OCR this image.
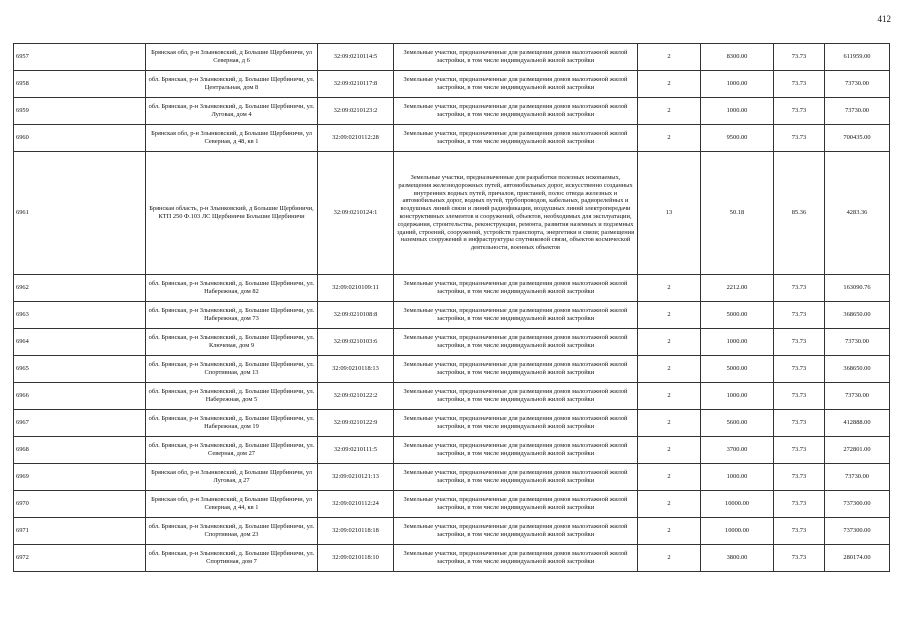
412
6957	Брянская обл, р-н Злынковский, д Большие Щербиничи, ул Северная, д 6	32:09:0210114:5	Земельные участки, предназначенные для размещения домов малоэтажной жилой застройки, в том числе индивидуальной жилой застройки	2	8300.00	73.73	611959.00
6958	обл. Брянская, р-н Злынковский, д. Большие Щербиничи, ул. Центральная, дом 8	32:09:0210117:8	Земельные участки, предназначенные для размещения домов малоэтажной жилой застройки, в том числе индивидуальной жилой застройки	2	1000.00	73.73	73730.00
6959	обл. Брянская, р-н Злынковский, д. Большие Щербиничи, ул. Луговая, дом 4	32:09:0210123:2	Земельные участки, предназначенные для размещения домов малоэтажной жилой застройки, в том числе индивидуальной жилой застройки	2	1000.00	73.73	73730.00
6960	Брянская обл, р-н Злынковский, д Большие Щербиничи, ул Северная, д 48, кв 1	32:09:0210112:28	Земельные участки, предназначенные для размещения домов малоэтажной жилой застройки, в том числе индивидуальной жилой застройки	2	9500.00	73.73	700435.00
6961	Брянская область, р-н Злынковский, д Большие Щербиничи, КТП 250 Ф.103 ЛС Щербиничи Большие Щербиничи	32:09:0210124:1	Земельные участки, предназначенные для разработки полезных ископаемых, размещения железнодорожных путей, автомобильных дорог, искусственно созданных внутренних водных путей, причалов, пристаней, полос отвода железных и автомобильных дорог, водных путей, трубопроводов, кабельных, радиорелейных и воздушных линий связи и линий радиофикации, воздушных линий электропередачи конструктивных элементов и сооружений, объектов, необходимых для эксплуатации, содержания, строительства, реконструкции, ремонта, развития наземных и подземных зданий, строений, сооружений, устройств транспорта, энергетики и связи; размещения наземных сооружений и инфраструктуры спутниковой связи, объектов космической деятельности, военных объектов	13	50.18	85.36	4283.36
6962	обл. Брянская, р-н Злынковский, д. Большие Щербиничи, ул. Набережная, дом 82	32:09:0210109:11	Земельные участки, предназначенные для размещения домов малоэтажной жилой застройки, в том числе индивидуальной жилой застройки	2	2212.00	73.73	163090.76
6963	обл. Брянская, р-н Злынковский, д. Большие Щербиничи, ул. Набережная, дом 73	32:09:0210108:8	Земельные участки, предназначенные для размещения домов малоэтажной жилой застройки, в том числе индивидуальной жилой застройки	2	5000.00	73.73	368650.00
6964	обл. Брянская, р-н Злынковский, д. Большие Щербиничи, ул. Ключевая, дом 9	32:09:0210103:6	Земельные участки, предназначенные для размещения домов малоэтажной жилой застройки, в том числе индивидуальной жилой застройки	2	1000.00	73.73	73730.00
6965	обл. Брянская, р-н Злынковский, д. Большие Щербиничи, ул. Спортивная, дом 13	32:09:0210118:13	Земельные участки, предназначенные для размещения домов малоэтажной жилой застройки, в том числе индивидуальной жилой застройки	2	5000.00	73.73	368650.00
6966	обл. Брянская, р-н Злынковский, д. Большие Щербиничи, ул. Набережная, дом 5	32:09:0210122:2	Земельные участки, предназначенные для размещения домов малоэтажной жилой застройки, в том числе индивидуальной жилой застройки	2	1000.00	73.73	73730.00
6967	обл. Брянская, р-н Злынковский, д. Большие Щербиничи, ул. Набережная, дом 19	32:09:0210122:9	Земельные участки, предназначенные для размещения домов малоэтажной жилой застройки, в том числе индивидуальной жилой застройки	2	5600.00	73.73	412888.00
6968	обл. Брянская, р-н Злынковский, д. Большие Щербиничи, ул. Северная, дом 27	32:09:0210111:5	Земельные участки, предназначенные для размещения домов малоэтажной жилой застройки, в том числе индивидуальной жилой застройки	2	3700.00	73.73	272801.00
6969	Брянская обл, р-н Злынковский, д Большие Щербиничи, ул Луговая, д 27	32:09:0210121:13	Земельные участки, предназначенные для размещения домов малоэтажной жилой застройки, в том числе индивидуальной жилой застройки	2	1000.00	73.73	73730.00
6970	Брянская обл, р-н Злынковский, д Большие Щербиничи, ул Северная, д 44, кв 1	32:09:0210112:24	Земельные участки, предназначенные для размещения домов малоэтажной жилой застройки, в том числе индивидуальной жилой застройки	2	10000.00	73.73	737300.00
6971	обл. Брянская, р-н Злынковский, д. Большие Щербиничи, ул. Спортивная, дом 23	32:09:0210118:18	Земельные участки, предназначенные для размещения домов малоэтажной жилой застройки, в том числе индивидуальной жилой застройки	2	10000.00	73.73	737300.00
6972	обл. Брянская, р-н Злынковский, д. Большие Щербиничи, ул. Спортивная, дом 7	32:09:0210118:10	Земельные участки, предназначенные для размещения домов малоэтажной жилой застройки, в том числе индивидуальной жилой застройки	2	3800.00	73.73	280174.00
